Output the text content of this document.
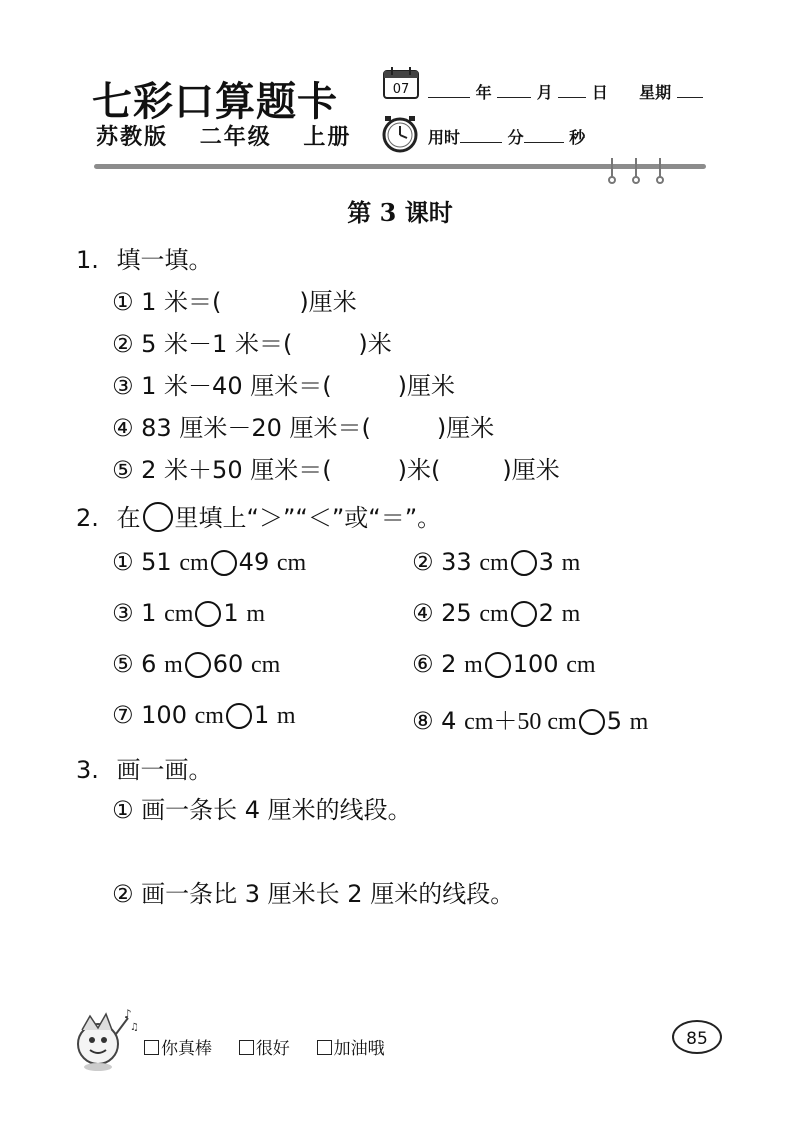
七彩口算题卡
苏教版 二年级 上册
07	年	月 日 星期
用时	分	秒
第 3 课时
1. 填一填。
① 1 米＝(	)厘米
② 5 米－1 米＝(	)米
③ 1 米－40 厘米＝(	)厘米
④ 83 厘米－20 厘米＝(	)厘米
⑤ 2 米＋50 厘米＝(	)米(	)厘米
2. 在 里填上“＞”“＜”或“＝”。
① 51 cm 49 cm	② 33 cm 3 m
③ 1 cm 1 m	④ 25 cm 2 m
⑤ 6 m 60 cm	⑥ 2 m 100 cm
⑦ 100 cm 1 m	⑧ 4 cm＋50 cm 5 m
3. 画一画。
① 画一条长 4 厘米的线段。
② 画一条比 3 厘米长 2 厘米的线段。
♪
♫
你真棒	很好	加油哦	85
